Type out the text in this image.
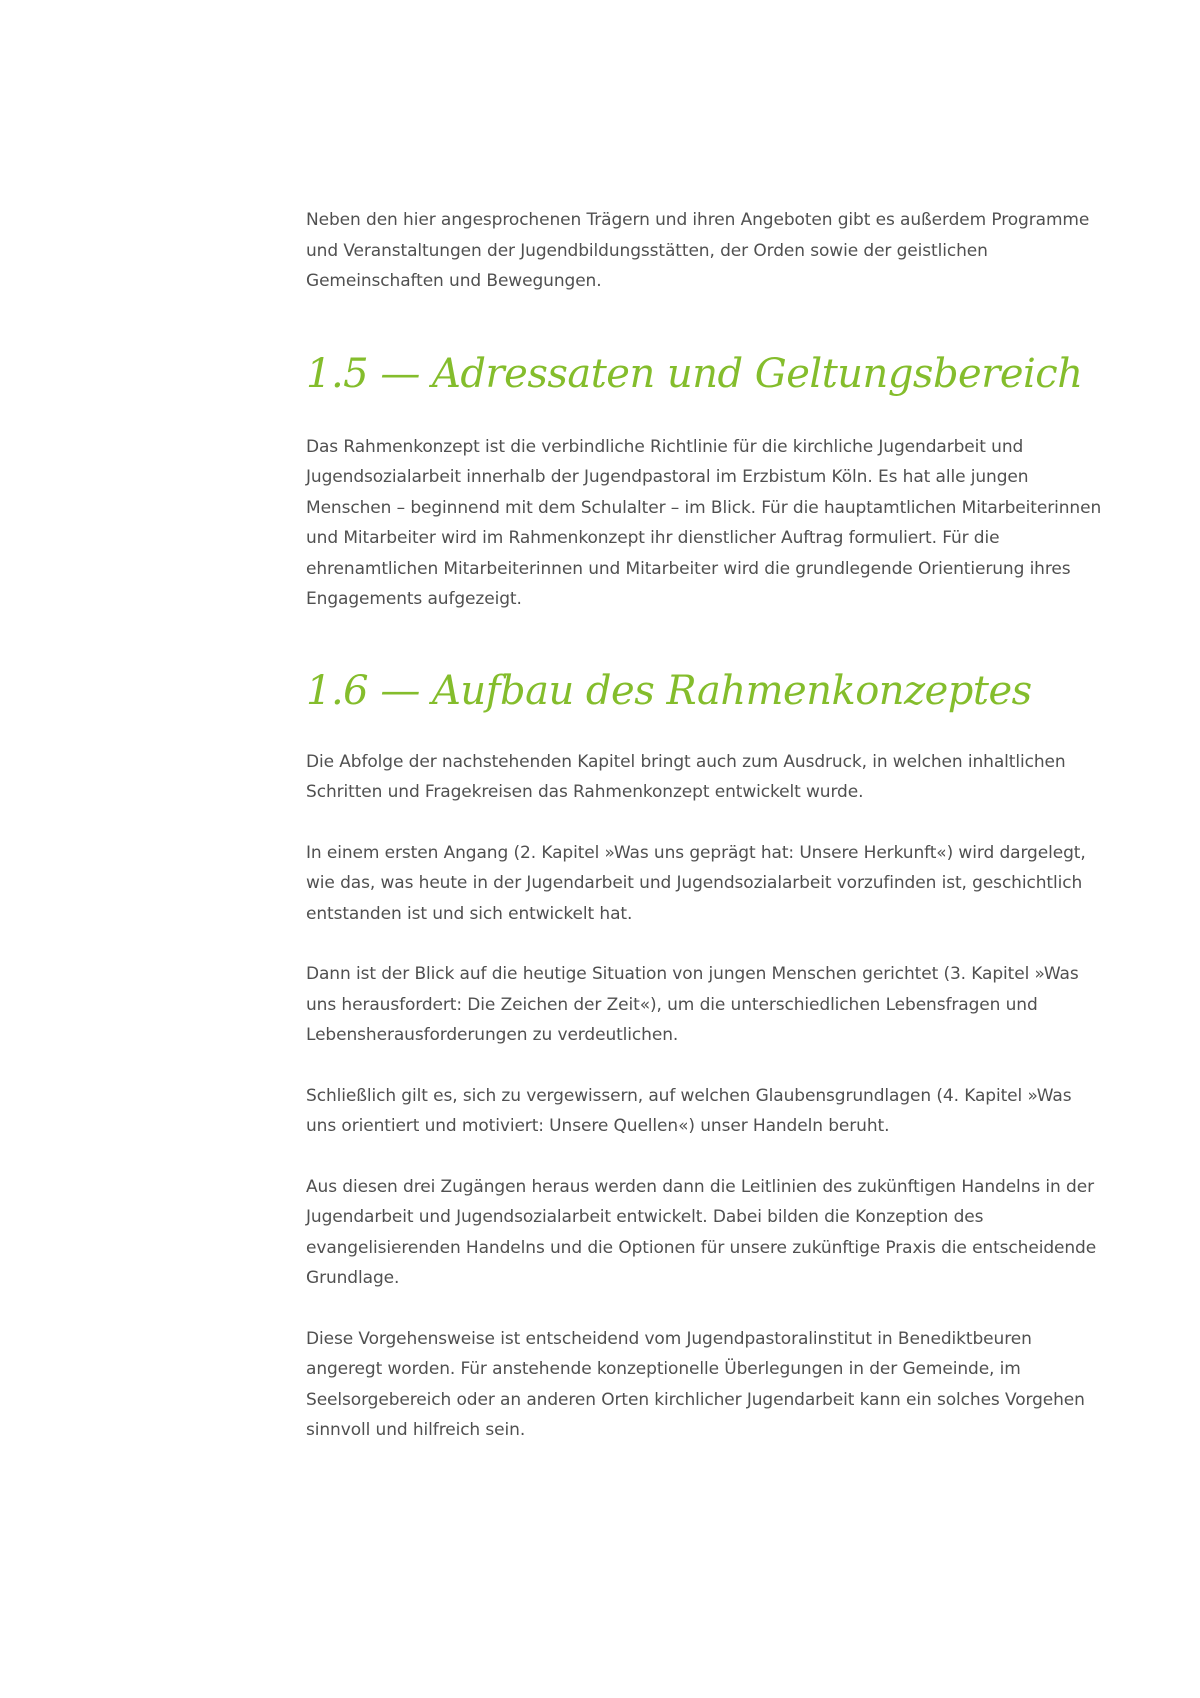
Neben den hier angesprochenen Trägern und ihren Angeboten gibt es außerdem Programme und Veranstaltungen der Jugendbildungsstätten, der Orden sowie der geistlichen Gemeinschaften und Bewegungen.

1.5 — Adressaten und Geltungsbereich

Das Rahmenkonzept ist die verbindliche Richtlinie für die kirchliche Jugendarbeit und Jugendsozialarbeit innerhalb der Jugendpastoral im Erzbistum Köln. Es hat alle jungen Menschen – beginnend mit dem Schulalter – im Blick. Für die hauptamtlichen Mitarbeiterinnen und Mitarbeiter wird im Rahmenkonzept ihr dienstlicher Auftrag formuliert. Für die ehrenamtlichen Mitarbeiterinnen und Mitarbeiter wird die grundlegende Orientierung ihres Engagements aufgezeigt.

1.6 — Aufbau des Rahmenkonzeptes

Die Abfolge der nachstehenden Kapitel bringt auch zum Ausdruck, in welchen inhaltlichen Schritten und Fragekreisen das Rahmenkonzept entwickelt wurde.

In einem ersten Angang (2. Kapitel »Was uns geprägt hat: Unsere Herkunft«) wird dargelegt, wie das, was heute in der Jugendarbeit und Jugendsozialarbeit vorzufinden ist, geschichtlich entstanden ist und sich entwickelt hat.

Dann ist der Blick auf die heutige Situation von jungen Menschen gerichtet (3. Kapitel »Was uns herausfordert: Die Zeichen der Zeit«), um die unterschiedlichen Lebensfragen und Lebensherausforderungen zu verdeutlichen.

Schließlich gilt es, sich zu vergewissern, auf welchen Glaubensgrundlagen (4. Kapitel »Was uns orientiert und motiviert: Unsere Quellen«) unser Handeln beruht.

Aus diesen drei Zugängen heraus werden dann die Leitlinien des zukünftigen Handelns in der Jugendarbeit und Jugendsozialarbeit entwickelt. Dabei bilden die Konzeption des evangelisierenden Handelns und die Optionen für unsere zukünftige Praxis die entscheidende Grundlage.

Diese Vorgehensweise ist entscheidend vom Jugendpastoralinstitut in Benediktbeuren angeregt worden. Für anstehende konzeptionelle Überlegungen in der Gemeinde, im Seelsorgebereich oder an anderen Orten kirchlicher Jugendarbeit kann ein solches Vorgehen sinnvoll und hilfreich sein.
